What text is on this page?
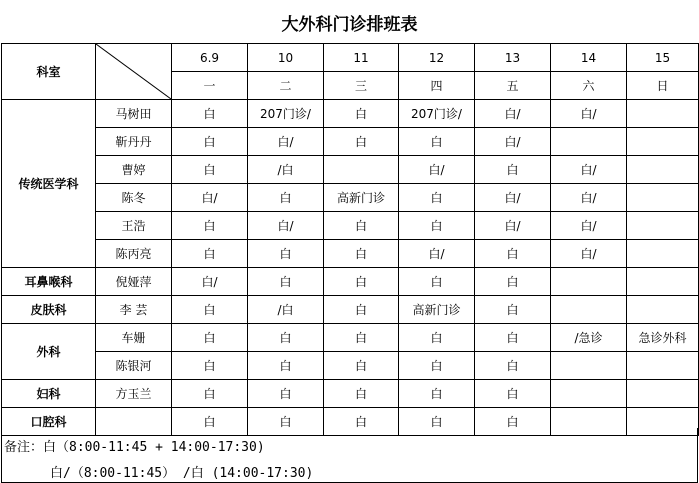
大外科门诊排班表
科室		6.9	10	11	12	13	14	15
		一	二	三	四	五	六	日
传统医学科	马树田	白	207门诊/	白	207门诊/	白/	白/	
	靳丹丹	白	白/	白	白	白/		
	曹婷	白	/白		白/	白	白/	
	陈冬	白/	白	高新门诊	白	白/	白/	
	王浩	白	白/	白	白	白/	白/	
	陈丙亮	白	白	白	白/	白	白/	
耳鼻喉科	倪娅萍	白/	白	白	白	白		
皮肤科	李 芸	白	/白	白	高新门诊	白		
外科	车姗	白	白	白	白	白	/急诊	急诊外科
	陈银河	白	白	白	白	白		
妇科	方玉兰	白	白	白	白	白		
口腔科		白	白	白	白	白		
备注：白（8:00-11:45 + 14:00-17:30)
白/（8:00-11:45） /白 (14:00-17:30)
